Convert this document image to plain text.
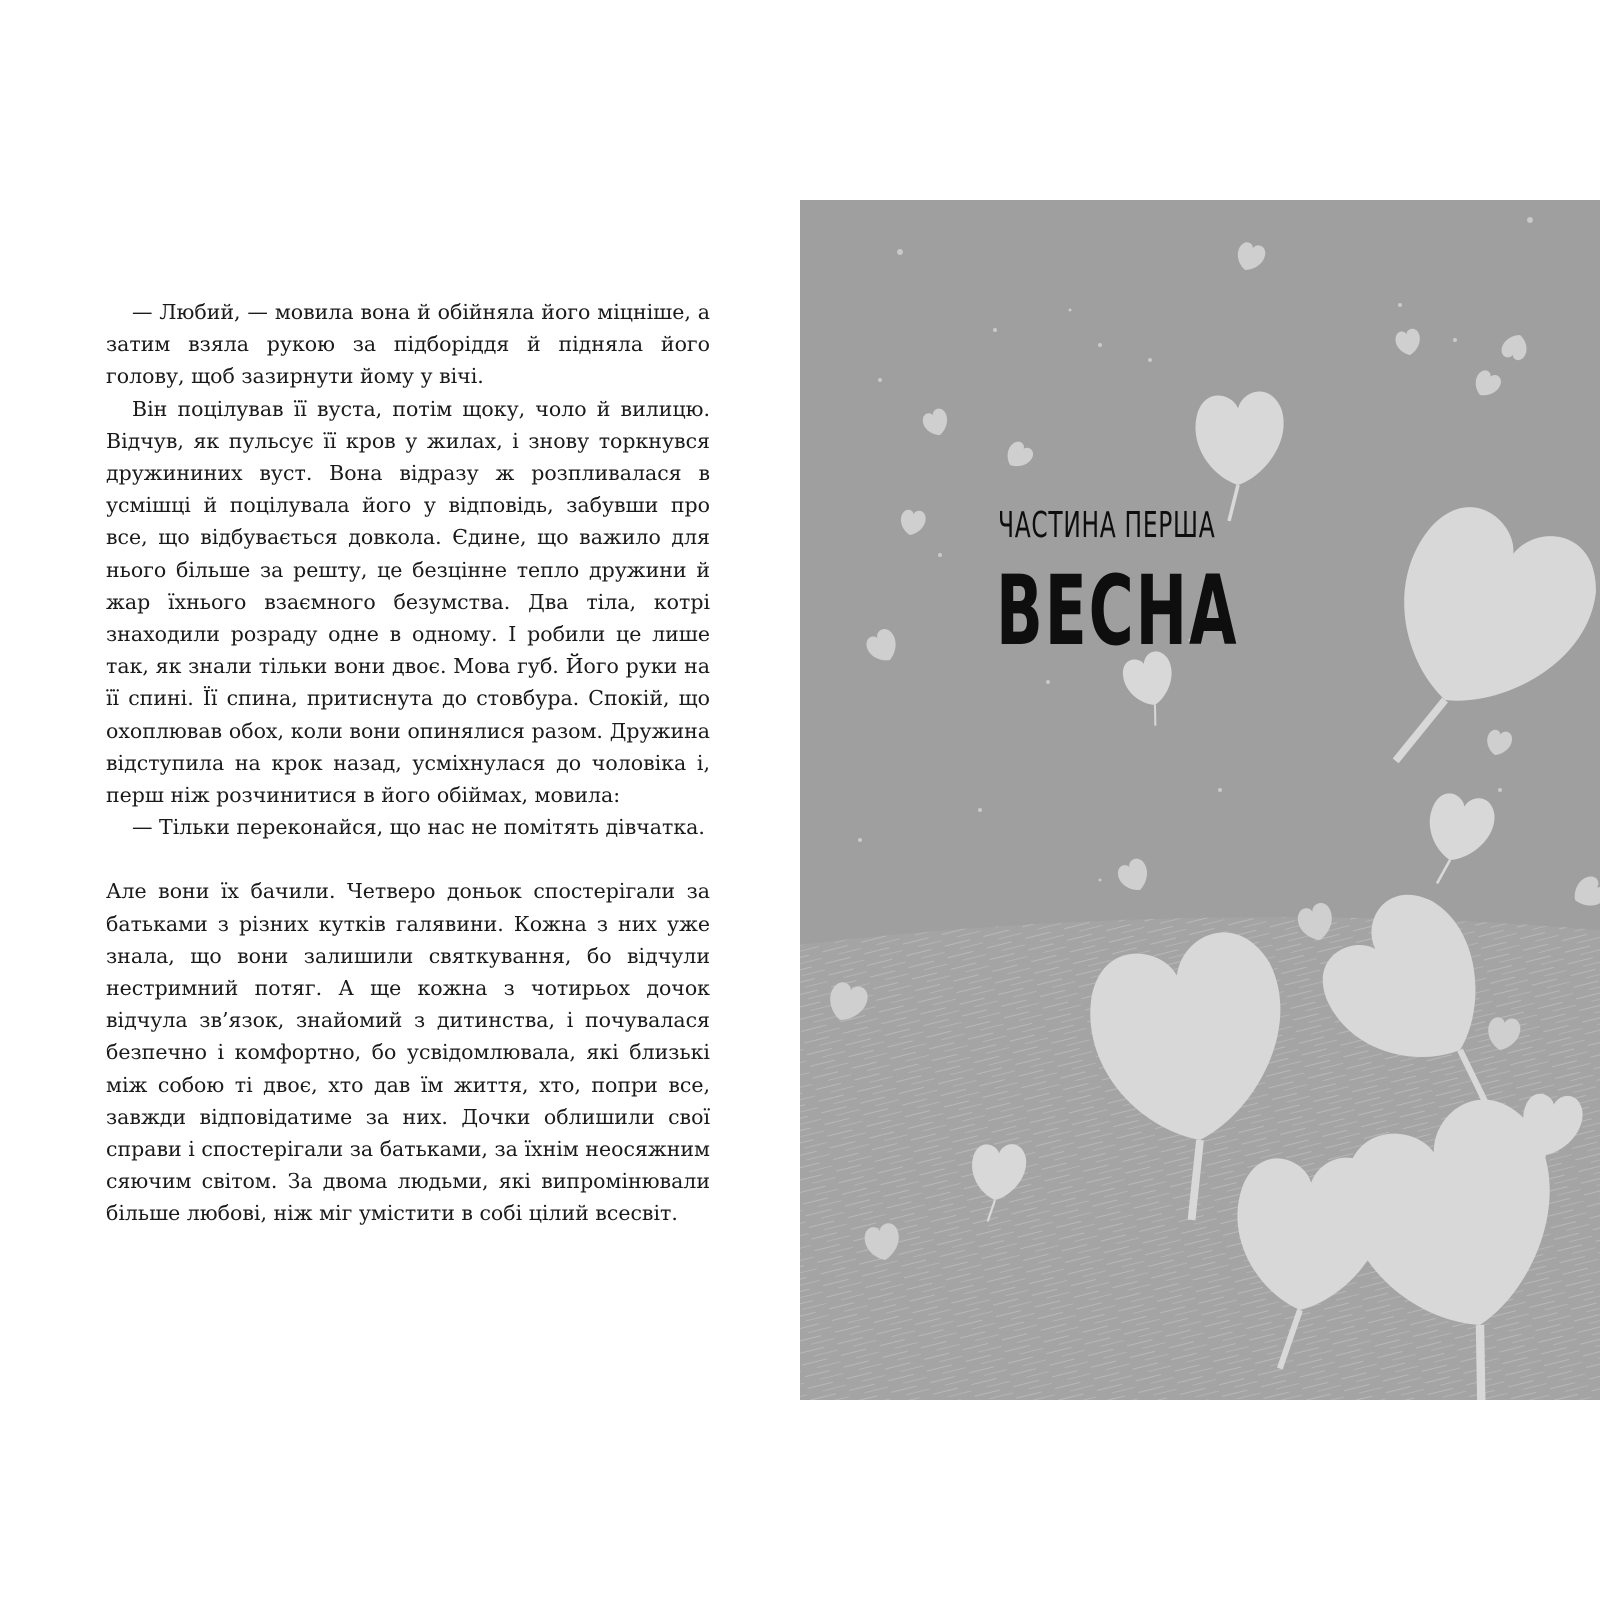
— Любий, — мовила вона й обійняла його міцніше, а затим взяла рукою за підборіддя й підняла його голову, щоб зазирнути йому у вічі.

Він поцілував її вуста, потім щоку, чоло й вилицю. Відчув, як пульсує її кров у жилах, і знову торкнувся дружининих вуст. Вона відразу ж розпливалася в усмішці й поцілувала його у відповідь, забувши про все, що відбувається довкола. Єдине, що важило для нього більше за решту, це безцінне тепло дружини й жар їхнього взаємного безумства. Два тіла, котрі знаходили розраду одне в одному. І робили це лише так, як знали тільки вони двоє. Мова губ. Його руки на її спині. Її спина, притиснута до стовбура. Спокій, що охоплював обох, коли вони опинялися разом. Дружина відступила на крок назад, усміхнулася до чоловіка і, перш ніж розчинитися в його обіймах, мовила:

— Тільки переконайся, що нас не помітять дівчатка.

Але вони їх бачили. Четверо доньок спостерігали за батьками з різних кутків галявини. Кожна з них уже знала, що вони залишили святкування, бо відчули нестримний потяг. А ще кожна з чотирьох дочок відчула зв’язок, знайомий з дитинства, і почувалася безпечно і комфортно, бо усвідомлювала, які близькі між собою ті двоє, хто дав їм життя, хто, попри все, завжди відповідатиме за них. Дочки облишили свої справи і спостерігали за батьками, за їхнім неосяжним сяючим світом. За двома людьми, які випромінювали більше любові, ніж міг умістити в собі цілий всесвіт.

ЧАСТИНА ПЕРША
ВЕСНА
